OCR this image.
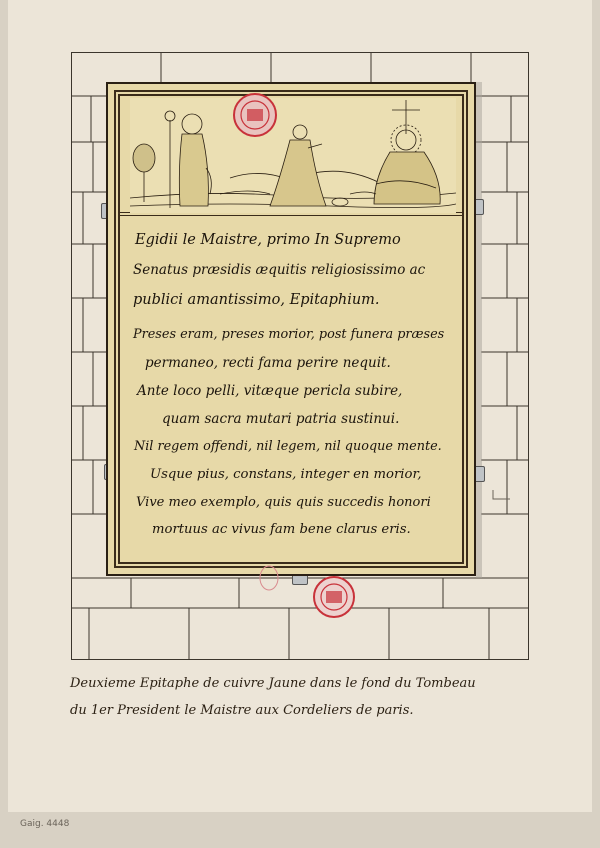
Egidii le Maistre, primo In Supremo
Senatus præsidis æquitis religiosissimo ac
publici amantissimo, Epitaphium.
Preses eram, preses morior, post funera præses
permaneo, recti fama perire nequit.
Ante loco pelli, vitæque pericla subire,
quam sacra mutari patria sustinui.
Nil regem offendi, nil legem, nil quoque mente.
Usque pius, constans, integer en morior,
Vive meo exemplo, quis quis succedis honori
mortuus ac vivus fam bene clarus eris.
Deuxieme Epitaphe de cuivre Jaune dans le fond du Tombeau
du 1er President le Maistre aux Cordeliers de paris.
Gaig. 4448
